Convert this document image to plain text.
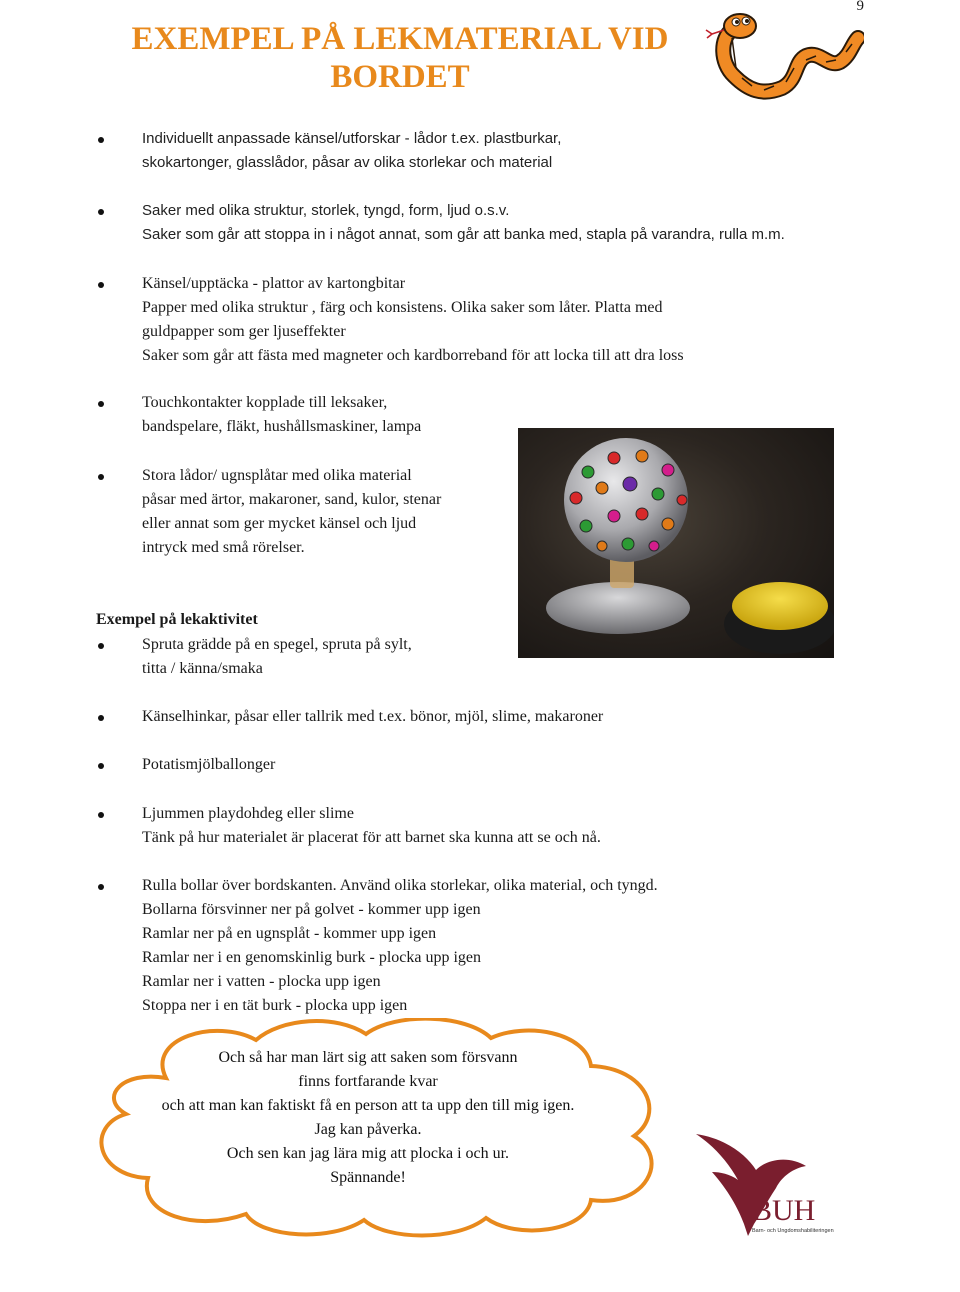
9
EXEMPEL PÅ LEKMATERIAL VID BORDET
Individuellt anpassade känsel/utforskar - lådor t.ex. plastburkar,
skokartonger, glasslådor, påsar av olika storlekar och material
Saker med olika struktur, storlek, tyngd, form, ljud o.s.v.
Saker som går att stoppa in i något annat, som går att banka med, stapla på varandra, rulla m.m.
Känsel/upptäcka - plattor av kartongbitar
Papper med olika struktur , färg och konsistens. Olika saker som låter. Platta med
guldpapper som ger ljuseffekter
Saker som går att fästa med magneter och kardborreband för att locka till att dra loss
Touchkontakter kopplade till leksaker,
bandspelare, fläkt, hushållsmaskiner, lampa
Stora lådor/ ugnsplåtar med olika material
påsar med ärtor, makaroner, sand, kulor, stenar
eller annat som ger mycket känsel och ljud
intryck med små rörelser.
Exempel på lekaktivitet
Spruta grädde på en spegel, spruta på sylt,
titta / känna/smaka
Känselhinkar, påsar eller tallrik med t.ex. bönor, mjöl, slime, makaroner
Potatismjölballonger
Ljummen playdohdeg eller slime
Tänk på hur materialet är placerat för att barnet ska kunna att se och nå.
Rulla bollar över bordskanten. Använd olika storlekar, olika material, och tyngd.
Bollarna försvinner ner på golvet - kommer upp igen
Ramlar ner på en ugnsplåt - kommer upp igen
Ramlar ner i en genomskinlig burk - plocka upp igen
Ramlar ner i vatten - plocka upp igen
Stoppa ner i en tät burk - plocka upp igen
Och så har man lärt sig att saken som försvann
finns fortfarande kvar
och att man kan faktiskt få en person att ta upp den till mig igen.
Jag kan påverka.
Och sen kan jag lära mig att plocka i och ur.
Spännande!
BUH
Barn- och Ungdomshabiliteringen
